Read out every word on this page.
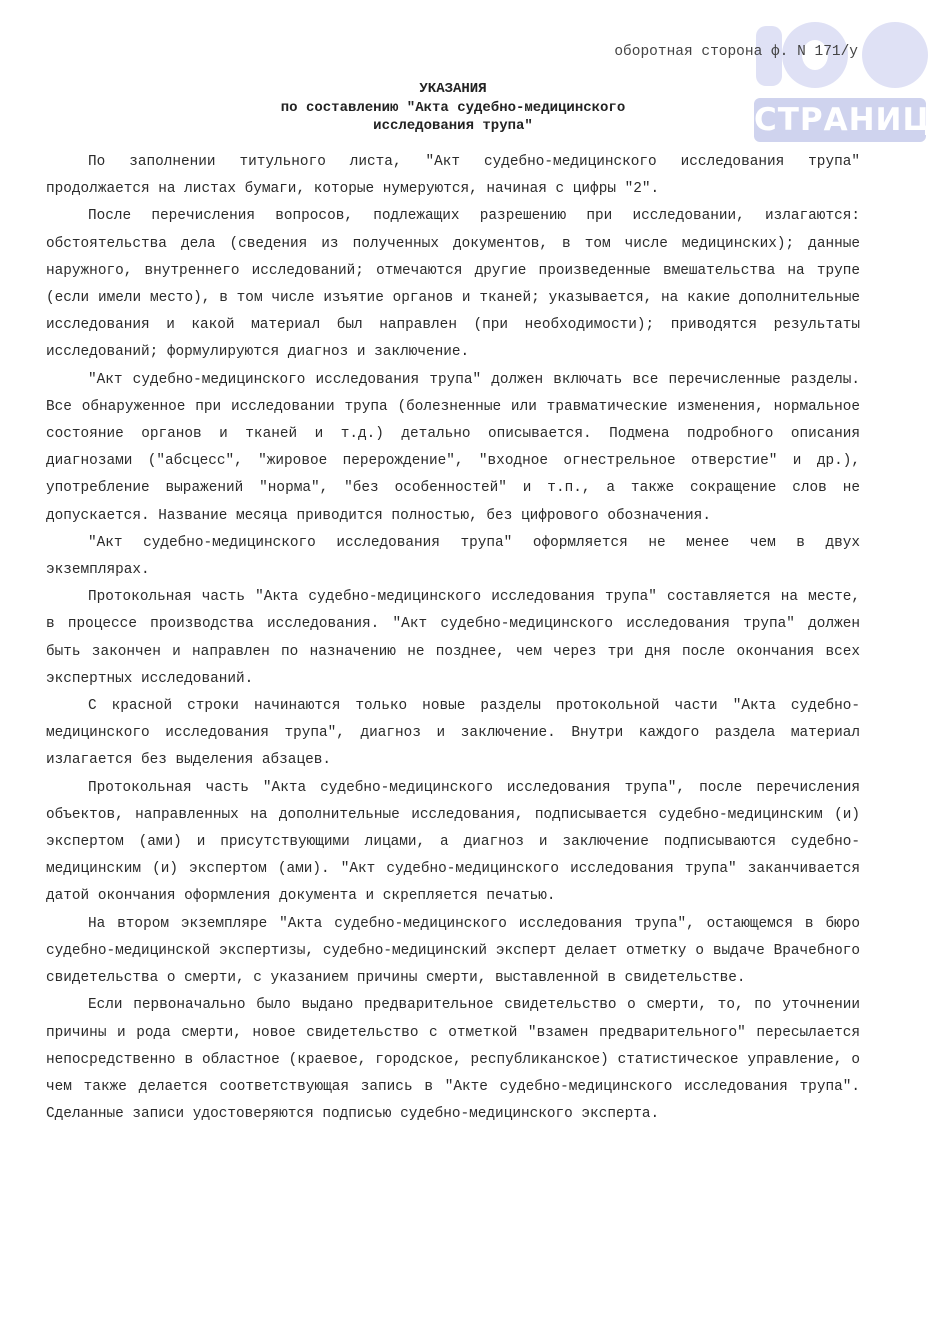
СТРАНИЦ
оборотная сторона ф. N 171/у
УКАЗАНИЯ
по составлению "Акта судебно-медицинского
исследования трупа"

По заполнении титульного листа, "Акт судебно-медицинского исследования трупа" продолжается на листах бумаги, которые нумеруются, начиная с цифры "2".

После перечисления вопросов, подлежащих разрешению при исследовании, излагаются: обстоятельства дела (сведения из полученных документов, в том числе медицинских); данные наружного, внутреннего исследований; отмечаются другие произведенные вмешательства на трупе (если имели место), в том числе изъятие органов и тканей; указывается, на какие дополнительные исследования и какой материал был направлен (при необходимости); приводятся результаты исследований; формулируются диагноз и заключение.

"Акт судебно-медицинского исследования трупа" должен включать все перечисленные разделы. Все обнаруженное при исследовании трупа (болезненные или травматические изменения, нормальное состояние органов и тканей и т.д.) детально описывается. Подмена подробного описания диагнозами ("абсцесс", "жировое перерождение", "входное огнестрельное отверстие" и др.), употребление выражений "норма", "без особенностей" и т.п., а также сокращение слов не допускается. Название месяца приводится полностью, без цифрового обозначения.

"Акт судебно-медицинского исследования трупа" оформляется не менее чем в двух экземплярах.

Протокольная часть "Акта судебно-медицинского исследования трупа" составляется на месте, в процессе производства исследования. "Акт судебно-медицинского исследования трупа" должен быть закончен и направлен по назначению не позднее, чем через три дня после окончания всех экспертных исследований.

С красной строки начинаются только новые разделы протокольной части "Акта судебно-медицинского исследования трупа", диагноз и заключение. Внутри каждого раздела материал излагается без выделения абзацев.

Протокольная часть "Акта судебно-медицинского исследования трупа", после перечисления объектов, направленных на дополнительные исследования, подписывается судебно-медицинским (и) экспертом (ами) и присутствующими лицами, а диагноз и заключение подписываются судебно-медицинским (и) экспертом (ами). "Акт судебно-медицинского исследования трупа" заканчивается датой окончания оформления документа и скрепляется печатью.

На втором экземпляре "Акта судебно-медицинского исследования трупа", остающемся в бюро судебно-медицинской экспертизы, судебно-медицинский эксперт делает отметку о выдаче Врачебного свидетельства о смерти, с указанием причины смерти, выставленной в свидетельстве.

Если первоначально было выдано предварительное свидетельство о смерти, то, по уточнении причины и рода смерти, новое свидетельство с отметкой "взамен предварительного" пересылается непосредственно в областное (краевое, городское, республиканское) статистическое управление, о чем также делается соответствующая запись в "Акте судебно-медицинского исследования трупа". Сделанные записи удостоверяются подписью судебно-медицинского эксперта.
